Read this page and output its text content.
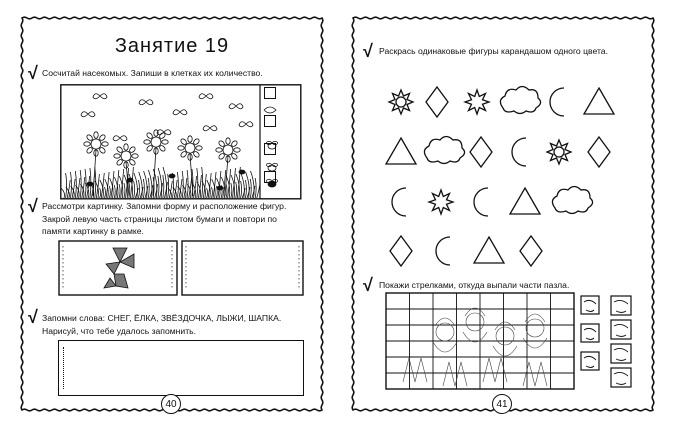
Занятие 19
√ Сосчитай насекомых. Запиши в клетках их количество.
√ Рассмотри картинку. Запомни форму и расположение фигур. Закрой левую часть страницы листом бумаги и повтори по памяти картинку в рамке.
√ Запомни слова: СНЕГ, ЁЛКА, ЗВЁЗДОЧКА, ЛЫЖИ, ШАПКА. Нарисуй, что тебе удалось запомнить.
40
√ Раскрась одинаковые фигуры карандашом одного цвета.
√ Покажи стрелками, откуда выпали части пазла.
41
